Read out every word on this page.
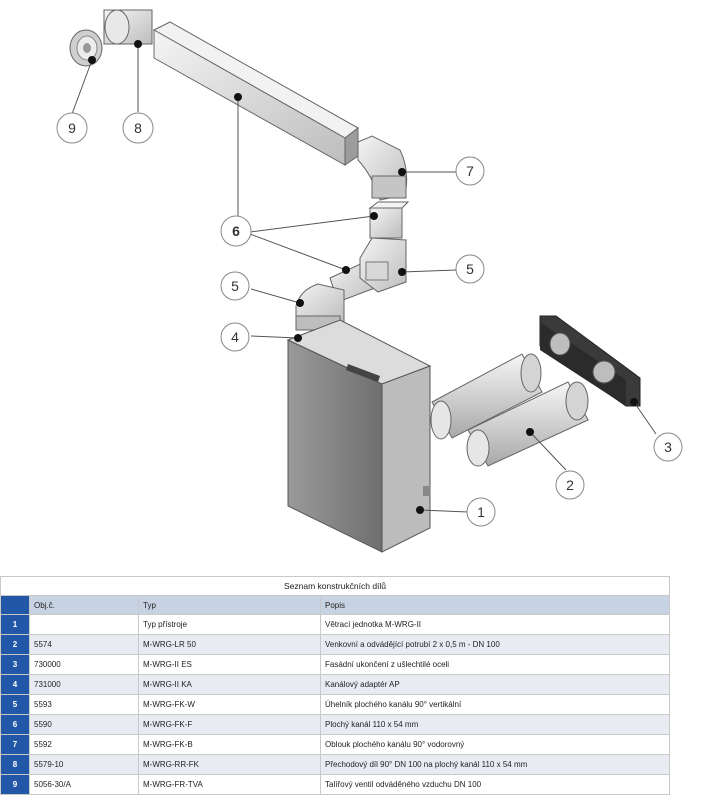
1
2
3
4
5
5
6
7
8
9
Seznam konstrukčních dílů			
	Obj.č.	Typ	Popis
1		Typ přístroje	Větrací jednotka M-WRG-II
2	5574	M-WRG-LR 50	Venkovní a odvádějící potrubí 2 x 0,5 m - DN 100
3	730000	M-WRG-II ES	Fasádní ukončení z ušlechtilé oceli
4	731000	M-WRG-II KA	Kanálový adaptér AP
5	5593	M-WRG-FK-W	Úhelník plochého kanálu 90° vertikální
6	5590	M-WRG-FK-F	Plochý kanál 110 x 54 mm
7	5592	M-WRG-FK-B	Oblouk plochého kanálu 90° vodorovný
8	5579-10	M-WRG-RR-FK	Přechodový díl 90° DN 100 na plochý kanál 110 x 54 mm
9	5056-30/A	M-WRG-FR-TVA	Talířový ventil odváděného vzduchu DN 100
